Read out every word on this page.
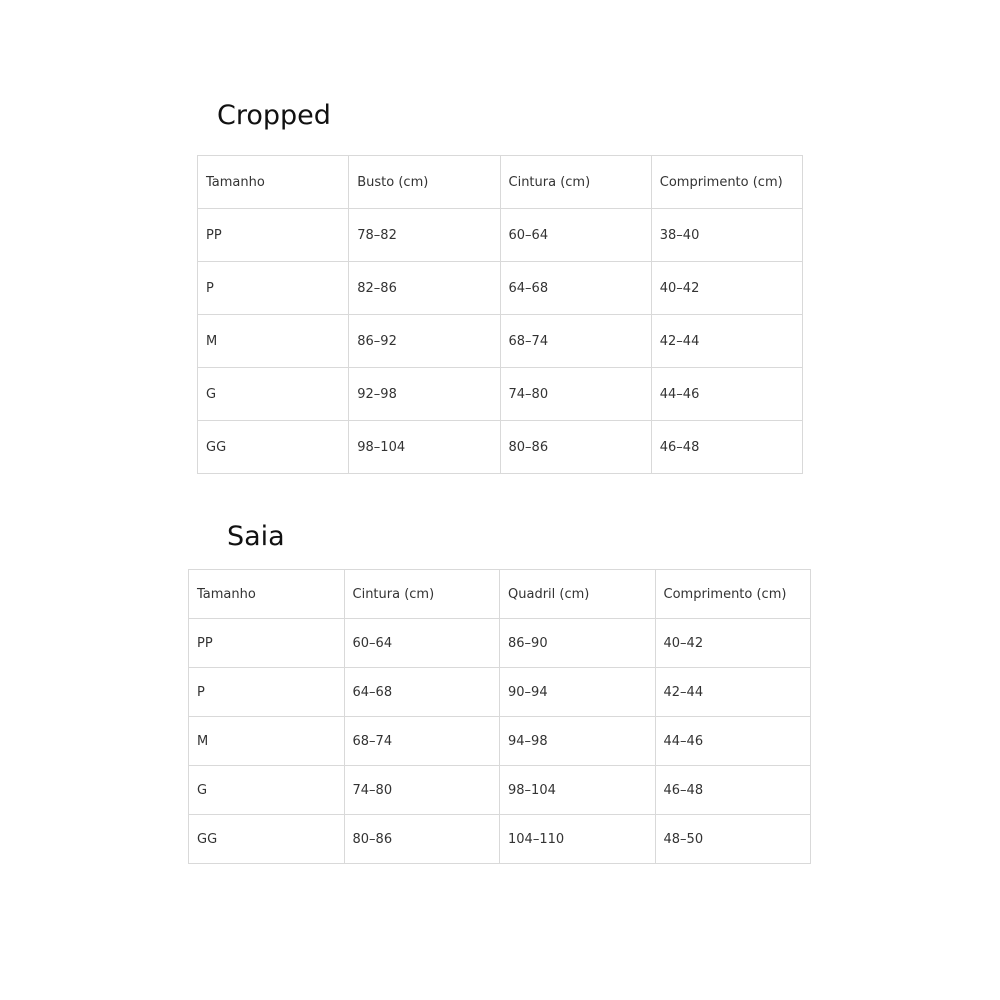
Cropped
Tamanho	Busto (cm)	Cintura (cm)	Comprimento (cm)
PP	78–82	60–64	38–40
P	82–86	64–68	40–42
M	86–92	68–74	42–44
G	92–98	74–80	44–46
GG	98–104	80–86	46–48
Saia
Tamanho	Cintura (cm)	Quadril (cm)	Comprimento (cm)
PP	60–64	86–90	40–42
P	64–68	90–94	42–44
M	68–74	94–98	44–46
G	74–80	98–104	46–48
GG	80–86	104–110	48–50
